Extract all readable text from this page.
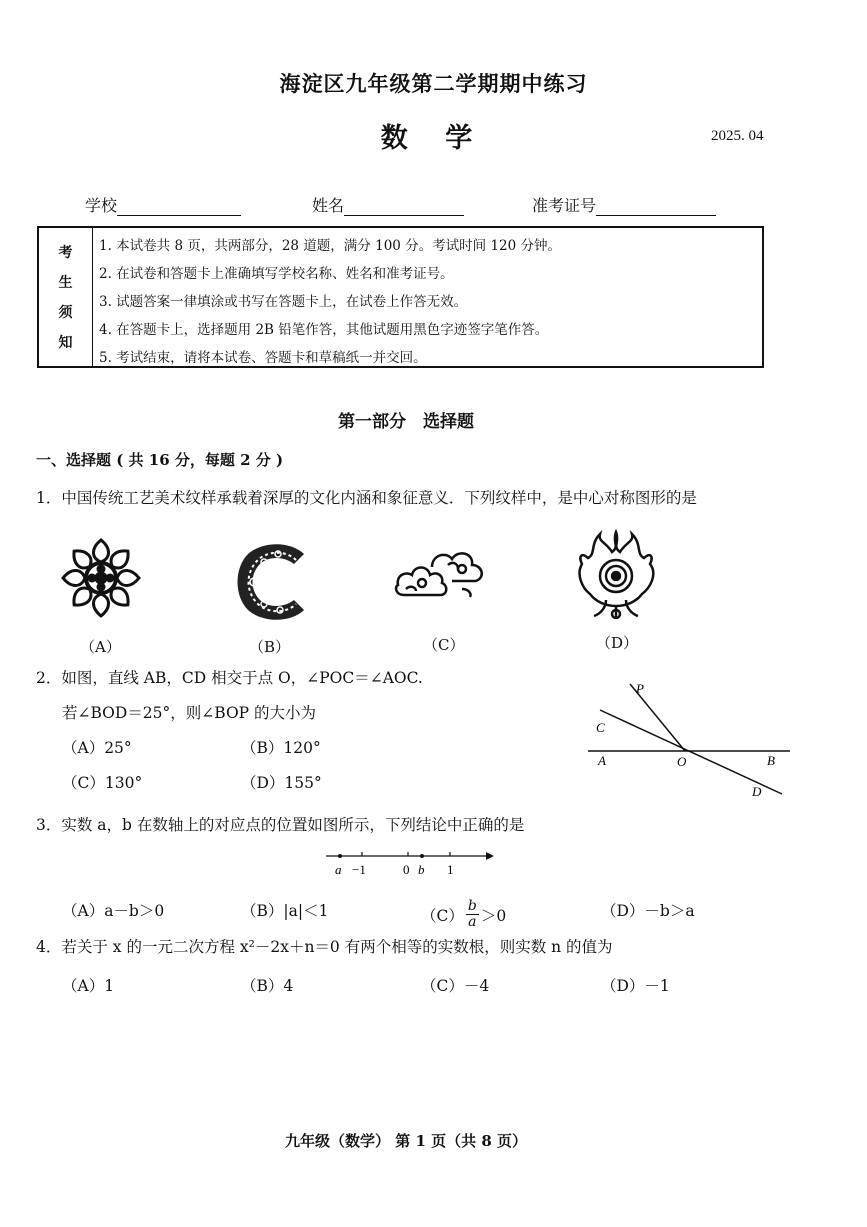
海淀区九年级第二学期期中练习
数 学	2025. 04
学校	姓名	准考证号
考
生
须
知
1. 本试卷共 8 页，共两部分，28 道题，满分 100 分。考试时间 120 分钟。
2. 在试卷和答题卡上准确填写学校名称、姓名和准考证号。
3. 试题答案一律填涂或书写在答题卡上，在试卷上作答无效。
4. 在答题卡上，选择题用 2B 铅笔作答，其他试题用黑色字迹签字笔作答。
5. 考试结束，请将本试卷、答题卡和草稿纸一并交回。
第一部分　选择题
一、选择题 ( 共 16 分，每题 2 分 )
1．中国传统工艺美术纹样承载着深厚的文化内涵和象征意义．下列纹样中，是中心对称图形的是
（A）	（B）	（C）	（D）
2．如图，直线 AB，CD 相交于点 O，∠POC＝∠AOC.
若∠BOD＝25°，则∠BOP 的大小为
（A）25°	（B）120°
（C）130°	（D）155°
P
C
A	O	B
D
3．实数 a，b 在数轴上的对应点的位置如图所示，下列结论中正确的是
a −1	0 b 1
（A）a－b＞0	（B）|a|＜1	$(C) \frac{b}{a} >0$	（D）－b＞a
4．若关于 x 的一元二次方程 x²－2x＋n＝0 有两个相等的实数根，则实数 n 的值为
（A）1	（B）4	（C）－4	（D）－1
九年级（数学） 第 1 页（共 8 页）
